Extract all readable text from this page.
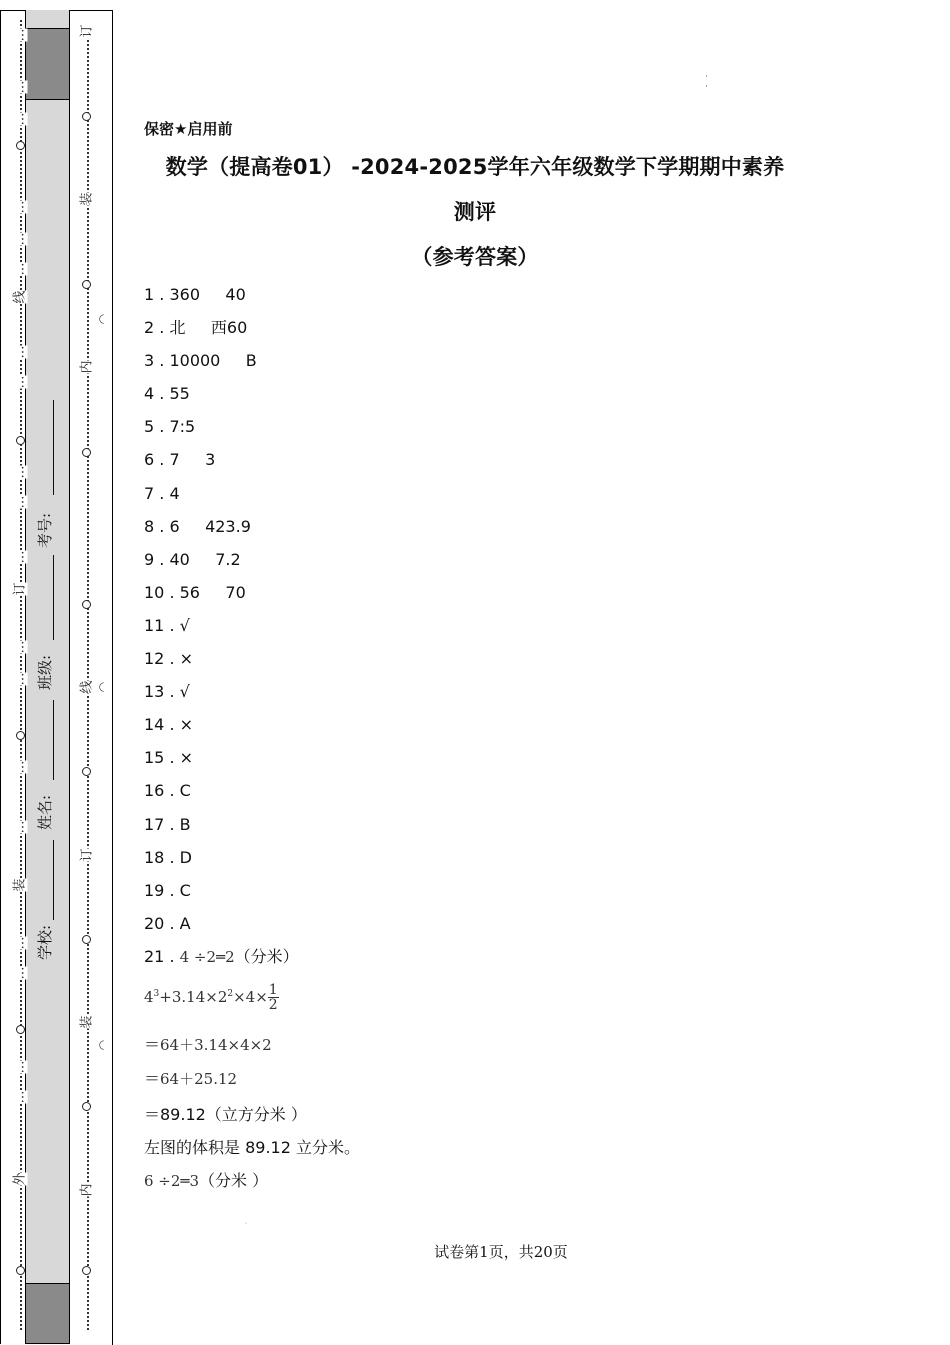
…
…
…
…
…
…
线
…
…
…
…
…
订
…
…
…
…
装
…
…
…
…
外
订
装
内
线
订
装
内
考号:
班级:
姓名:
学校:
◠
◠
◠
˙
˙
保密★启用前
数学（提高卷01） -2024-2025学年六年级数学下学期期中素养
测评
（参考答案）
1 . 360     40
2 . 北     西60
3 . 10000     B
4 . 55
5 . 7:5
6 . 7     3
7 . 4
8 . 6     423.9
9 . 40     7.2
10 . 56     70
11 . √
12 . ×
13 . √
14 . ×
15 . ×
16 . C
17 . B
18 . D
19 . C
20 . A
21 . 4 ÷2═2（分米）
$4^3+3.14\times 2^2\times 4\times \frac{1}{2}$
＝64＋3.14×4×2
＝64＋25.12
＝89.12（立方分米 ）
左图的体积是 89.12 立分米。
6 ÷2═3（分米 ）
˙
试卷第1页，共20页
